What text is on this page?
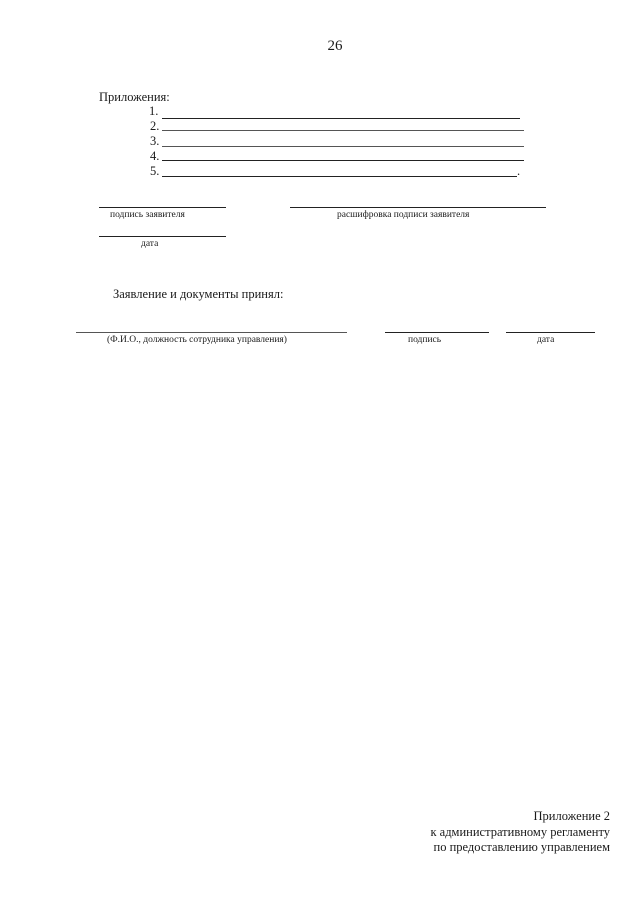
26
Приложения:
1.
2.
3.
4.
5.	.
подпись заявителя	расшифровка подписи заявителя
дата
Заявление и документы принял:
(Ф.И.О., должность сотрудника управления)	подпись	дата
Приложение 2
к административному регламенту
по предоставлению управлением
